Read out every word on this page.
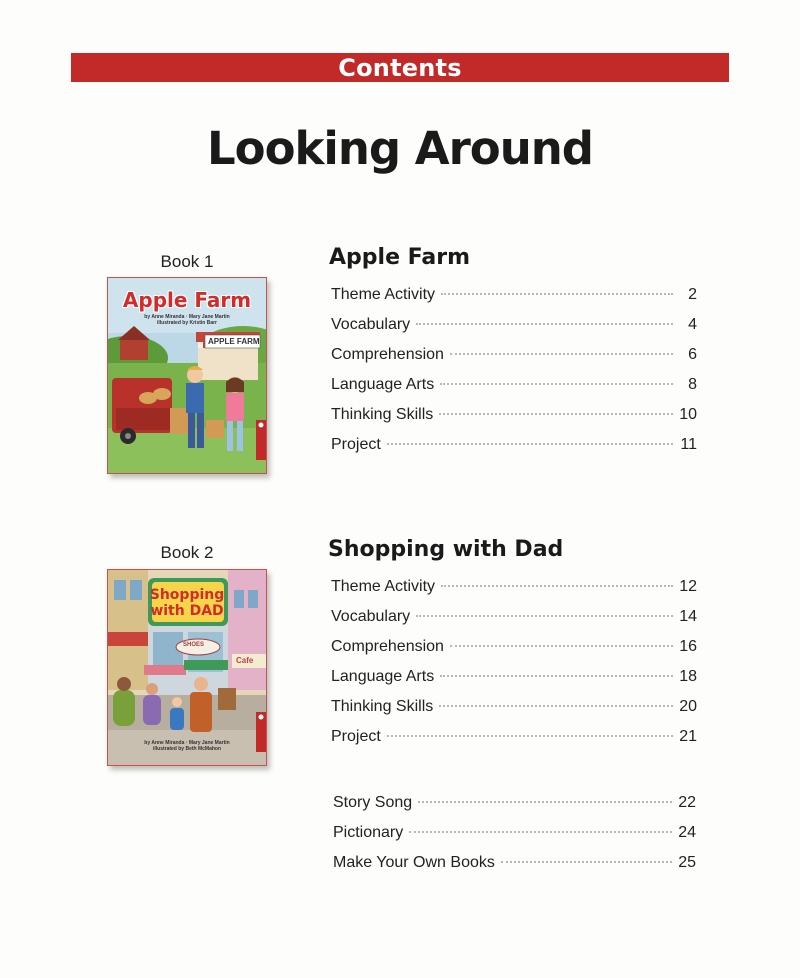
Contents
Looking Around
Book 1
Apple Farm
by Anne Miranda · Mary Jane Martin
illustrated by Kristin Barr
APPLE FARM
Apple Farm
Theme Activity	2
Vocabulary	4
Comprehension	6
Language Arts	8
Thinking Skills	10
Project	11
Book 2
Shopping
with DAD
SHOES
Cafe
by Anne Miranda · Mary Jane Martin
illustrated by Beth McMahon
Shopping with Dad
Theme Activity	12
Vocabulary	14
Comprehension	16
Language Arts	18
Thinking Skills	20
Project	21
Story Song	22
Pictionary	24
Make Your Own Books	25
